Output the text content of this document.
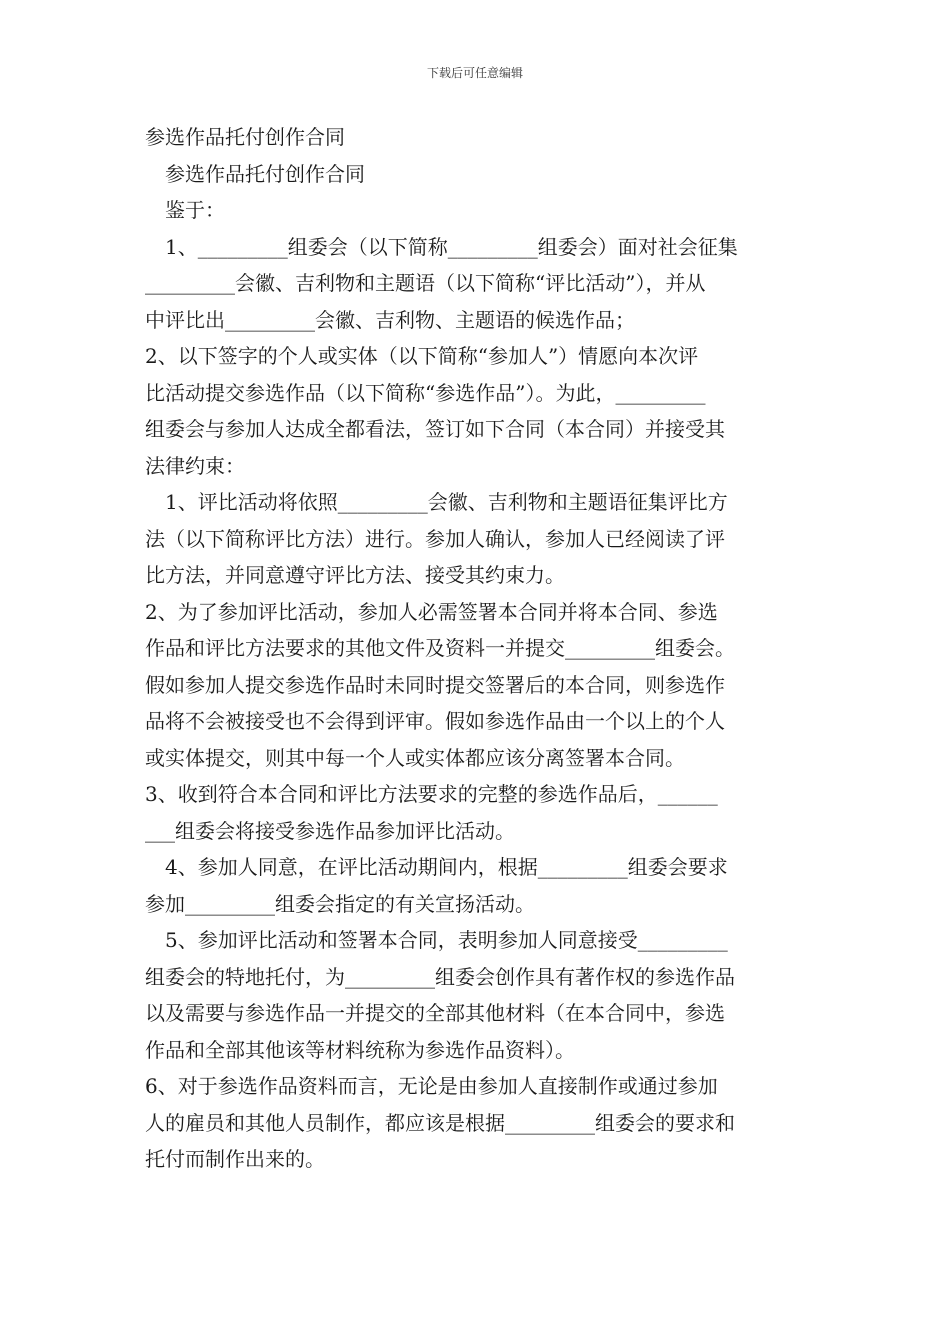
下载后可任意编辑
参选作品托付创作合同
　参选作品托付创作合同
　鉴于：
　1、_________组委会（以下简称_________组委会）面对社会征集
_________会徽、吉利物和主题语（以下简称“评比活动”），并从
中评比出_________会徽、吉利物、主题语的候选作品；
2、以下签字的个人或实体（以下简称“参加人”）情愿向本次评
比活动提交参选作品（以下简称“参选作品”）。为此，_________
组委会与参加人达成全都看法，签订如下合同（本合同）并接受其
法律约束：
　1、评比活动将依照_________会徽、吉利物和主题语征集评比方
法（以下简称评比方法）进行。参加人确认，参加人已经阅读了评
比方法，并同意遵守评比方法、接受其约束力。
2、为了参加评比活动，参加人必需签署本合同并将本合同、参选
作品和评比方法要求的其他文件及资料一并提交_________组委会。
假如参加人提交参选作品时未同时提交签署后的本合同，则参选作
品将不会被接受也不会得到评审。假如参选作品由一个以上的个人
或实体提交，则其中每一个人或实体都应该分离签署本合同。
3、收到符合本合同和评比方法要求的完整的参选作品后，______
___组委会将接受参选作品参加评比活动。
　4、参加人同意，在评比活动期间内，根据_________组委会要求
参加_________组委会指定的有关宣扬活动。
　5、参加评比活动和签署本合同，表明参加人同意接受_________
组委会的特地托付，为_________组委会创作具有著作权的参选作品
以及需要与参选作品一并提交的全部其他材料（在本合同中，参选
作品和全部其他该等材料统称为参选作品资料）。
6、对于参选作品资料而言，无论是由参加人直接制作或通过参加
人的雇员和其他人员制作，都应该是根据_________组委会的要求和
托付而制作出来的。
